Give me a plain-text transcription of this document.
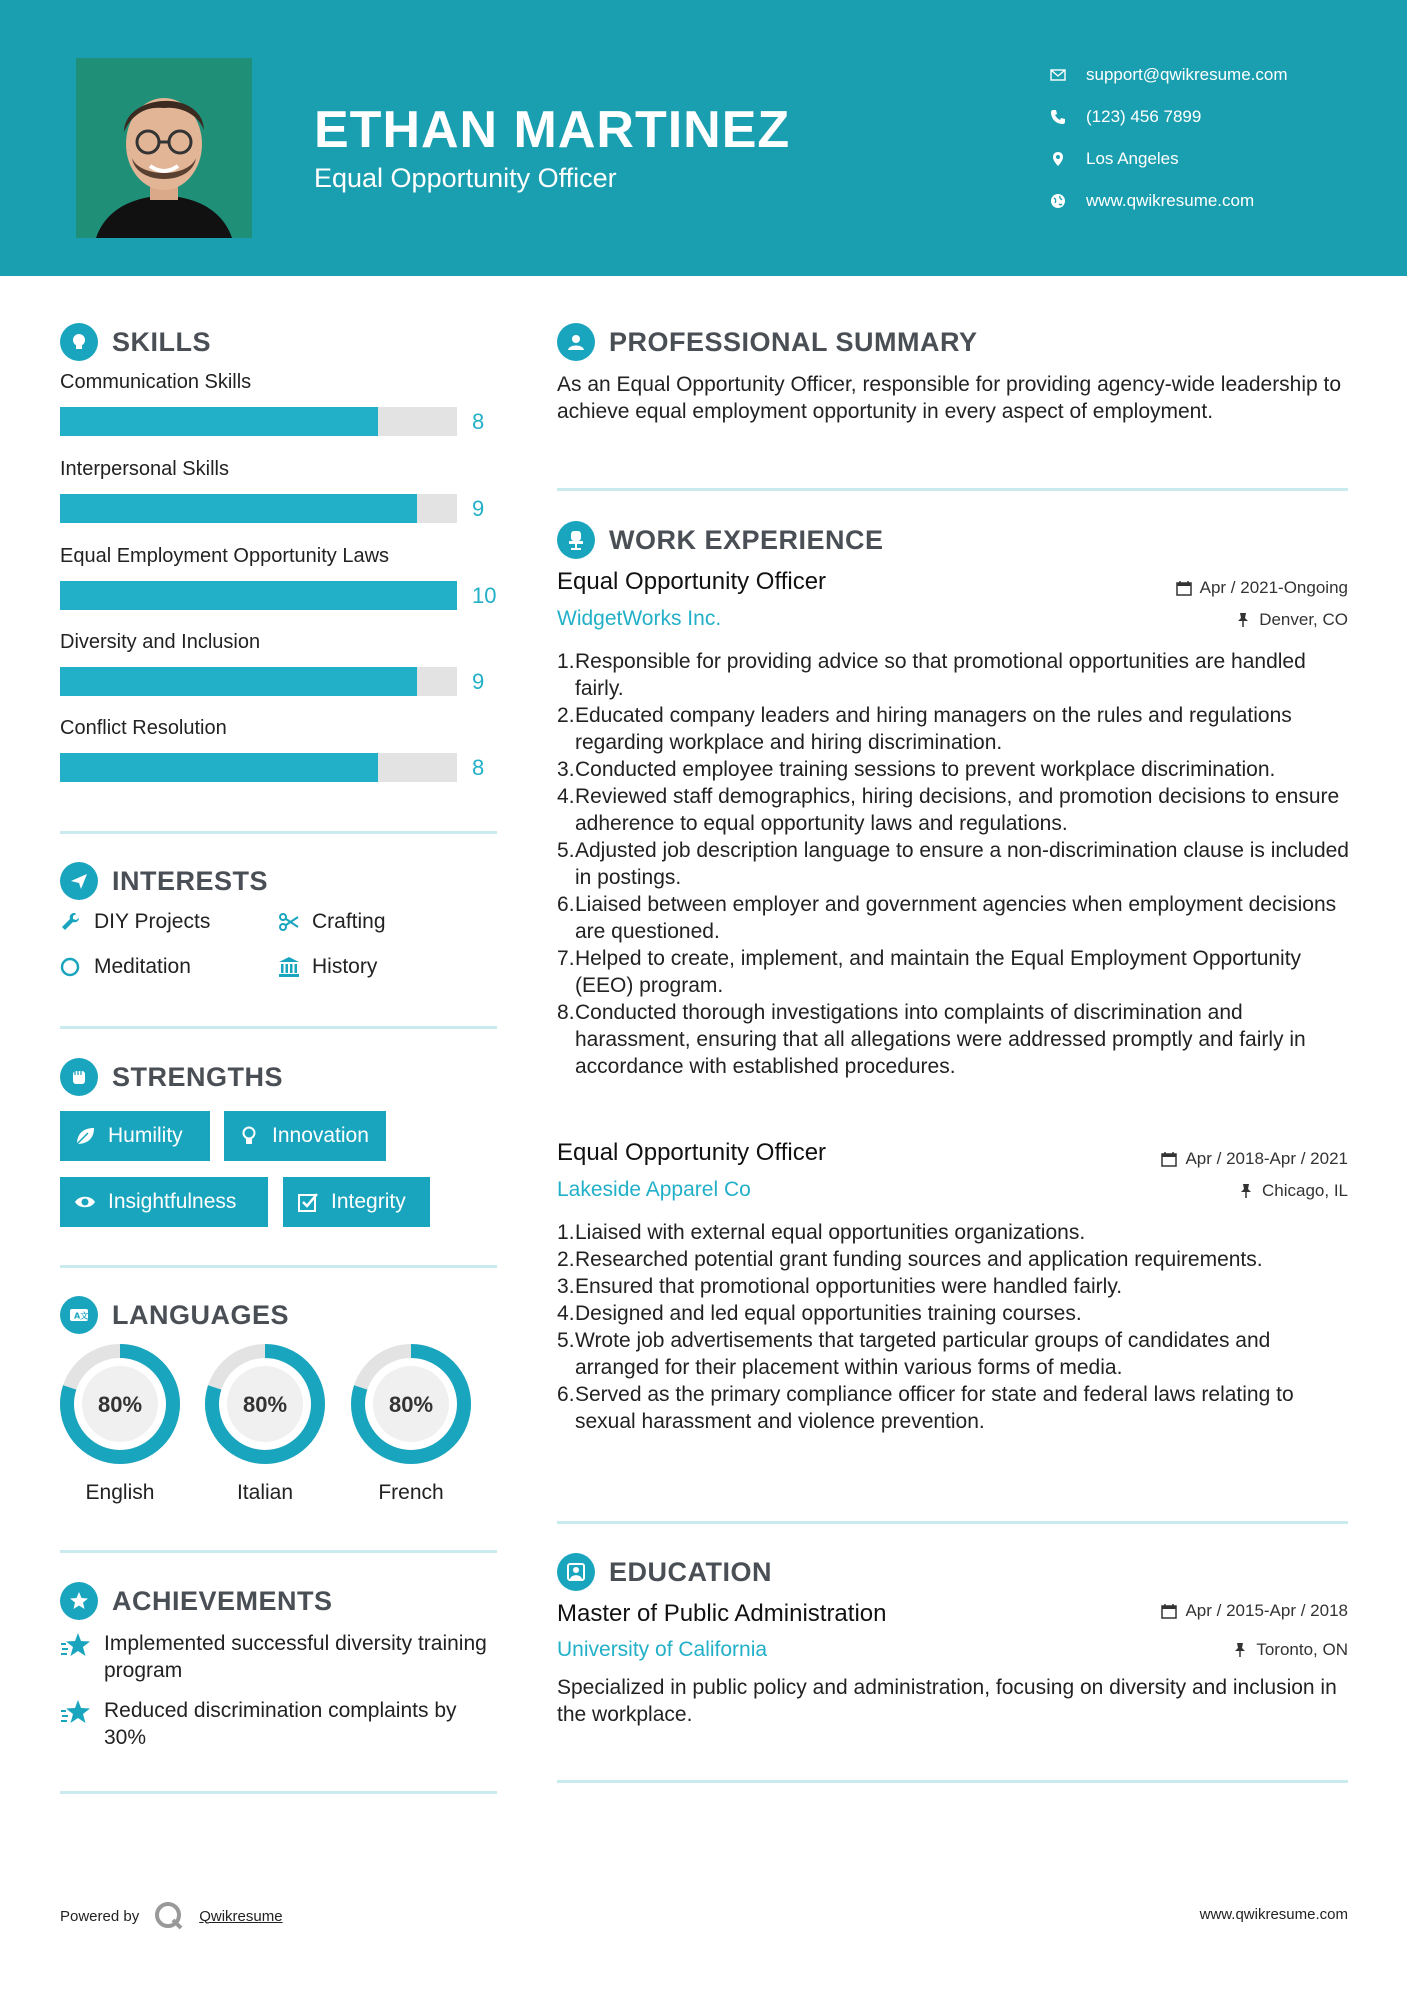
ETHAN MARTINEZ
Equal Opportunity Officer
support@qwikresume.com
(123) 456 7899
Los Angeles
www.qwikresume.com
SKILLS
Communication Skills
8
Interpersonal Skills
9
Equal Employment Opportunity Laws
10
Diversity and Inclusion
9
Conflict Resolution
8
INTERESTS
DIY Projects	Crafting
Meditation	History
STRENGTHS
Humility	Innovation
Insightfulness	Integrity
A文 LANGUAGES
80%
English
80%
Italian
80%
French
ACHIEVEMENTS
Implemented successful diversity training program
Reduced discrimination complaints by 30%
PROFESSIONAL SUMMARY
As an Equal Opportunity Officer, responsible for providing agency-wide leadership to achieve equal employment opportunity in every aspect of employment.
WORK EXPERIENCE
Equal Opportunity Officer	Apr / 2021-Ongoing
WidgetWorks Inc.	Denver, CO
Responsible for providing advice so that promotional opportunities are handled fairly.
Educated company leaders and hiring managers on the rules and regulations regarding workplace and hiring discrimination.
Conducted employee training sessions to prevent workplace discrimination.
Reviewed staff demographics, hiring decisions, and promotion decisions to ensure adherence to equal opportunity laws and regulations.
Adjusted job description language to ensure a non-discrimination clause is included in postings.
Liaised between employer and government agencies when employment decisions are questioned.
Helped to create, implement, and maintain the Equal Employment Opportunity (EEO) program.
Conducted thorough investigations into complaints of discrimination and harassment, ensuring that all allegations were addressed promptly and fairly in accordance with established procedures.
Equal Opportunity Officer	Apr / 2018-Apr / 2021
Lakeside Apparel Co	Chicago, IL
Liaised with external equal opportunities organizations.
Researched potential grant funding sources and application requirements.
Ensured that promotional opportunities were handled fairly.
Designed and led equal opportunities training courses.
Wrote job advertisements that targeted particular groups of candidates and arranged for their placement within various forms of media.
Served as the primary compliance officer for state and federal laws relating to sexual harassment and violence prevention.
EDUCATION
Master of Public Administration	Apr / 2015-Apr / 2018
University of California	Toronto, ON
Specialized in public policy and administration, focusing on diversity and inclusion in the workplace.
Powered by	Qwikresume	www.qwikresume.com
